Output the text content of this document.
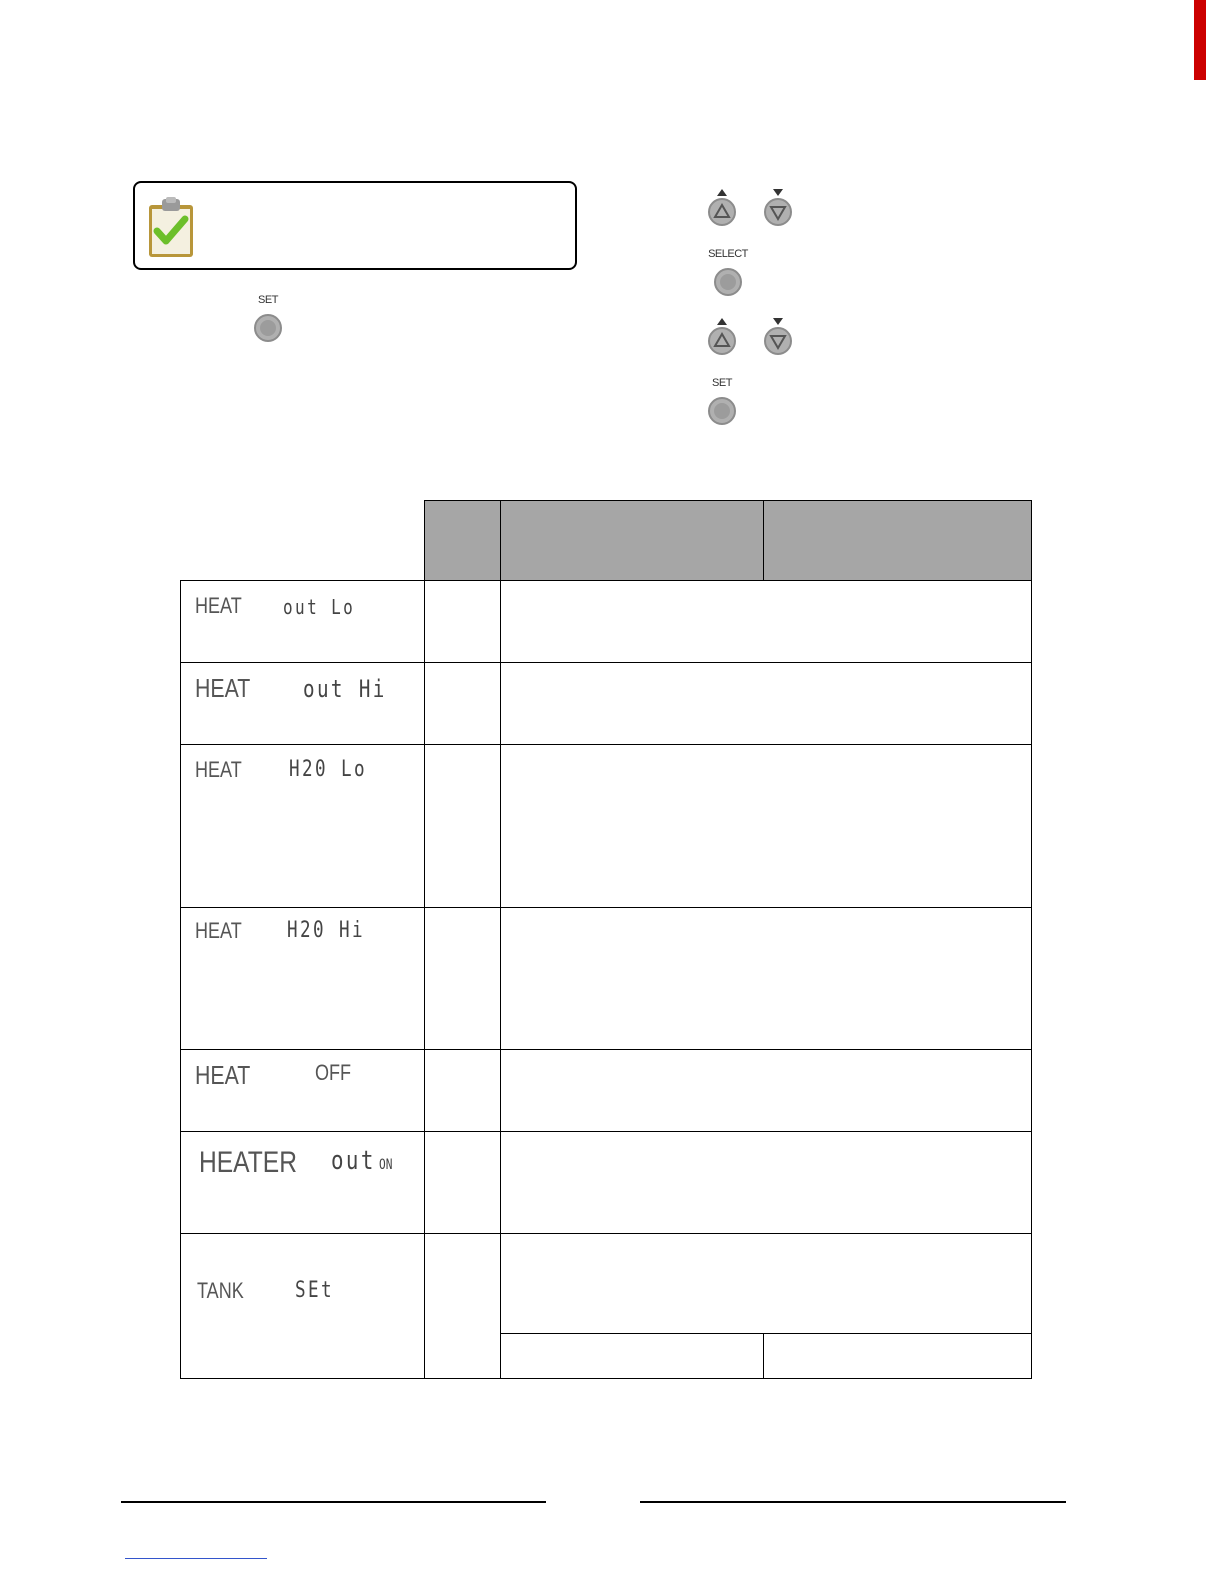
SET
SELECT
SET
HEAT out Lo
HEAT out Hi
HEAT H20 Lo
HEAT H20 Hi
HEAT	OFF
HEATER out ON
TANK SEt
